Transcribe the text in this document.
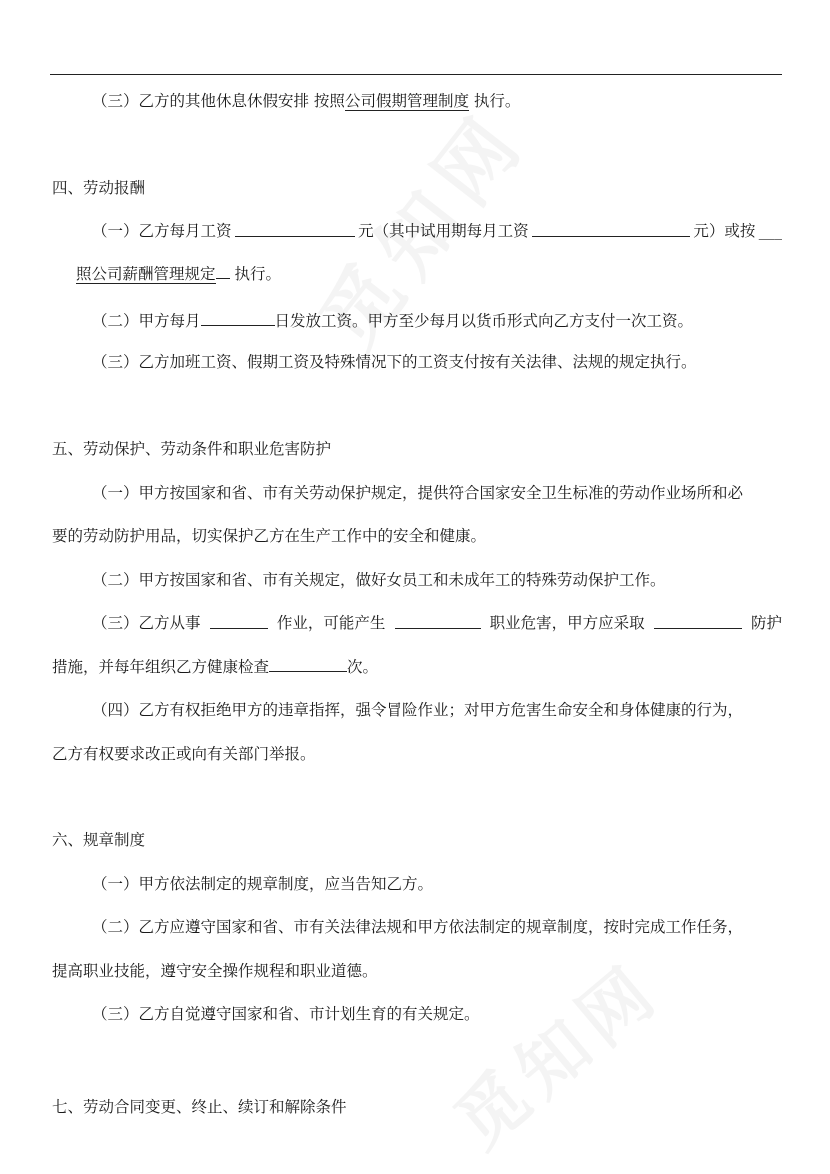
（三）乙方的其他休息休假安排 按照公司假期管理制度 执行。
四、劳动报酬
（一）乙方每月工资	元（其中试用期每月工资	元）或按 ___
照公司薪酬管理规定 执行。
（二）甲方每月	日发放工资。甲方至少每月以货币形式向乙方支付一次工资。
（三）乙方加班工资、假期工资及特殊情况下的工资支付按有关法律、法规的规定执行。
五、劳动保护、劳动条件和职业危害防护
（一）甲方按国家和省、市有关劳动保护规定，提供符合国家安全卫生标准的劳动作业场所和必
要的劳动防护用品，切实保护乙方在生产工作中的安全和健康。
（二）甲方按国家和省、市有关规定，做好女员工和未成年工的特殊劳动保护工作。
（三）乙方从事	作业，可能产生	职业危害，甲方应采取	防护
措施，并每年组织乙方健康检查	次。
（四）乙方有权拒绝甲方的违章指挥，强令冒险作业；对甲方危害生命安全和身体健康的行为，
乙方有权要求改正或向有关部门举报。
六、规章制度
（一）甲方依法制定的规章制度，应当告知乙方。
（二）乙方应遵守国家和省、市有关法律法规和甲方依法制定的规章制度，按时完成工作任务，
提高职业技能，遵守安全操作规程和职业道德。
（三）乙方自觉遵守国家和省、市计划生育的有关规定。
七、劳动合同变更、终止、续订和解除条件
